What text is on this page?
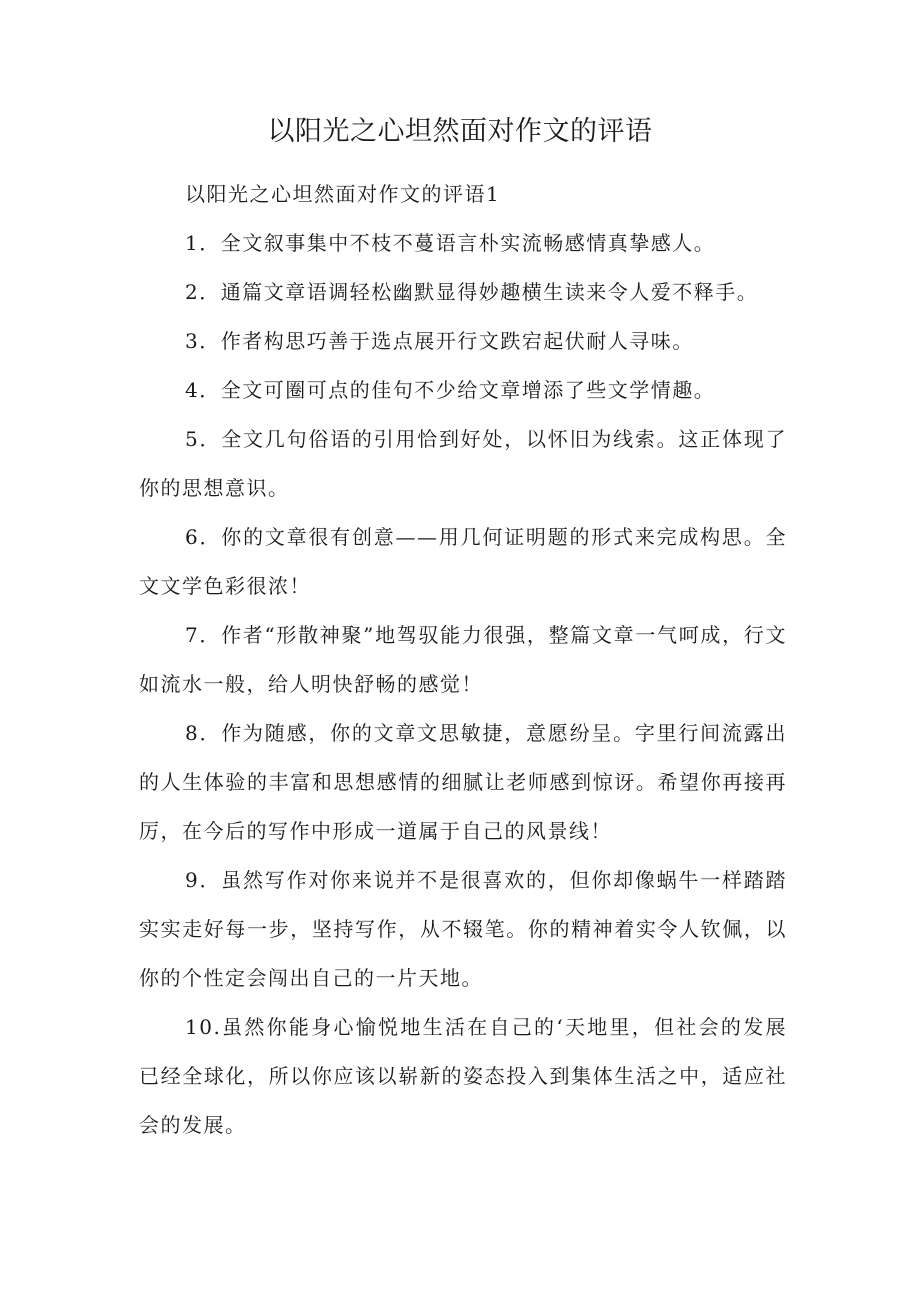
以阳光之心坦然面对作文的评语

以阳光之心坦然面对作文的评语1

1．全文叙事集中不枝不蔓语言朴实流畅感情真挚感人。

2．通篇文章语调轻松幽默显得妙趣横生读来令人爱不释手。

3．作者构思巧善于选点展开行文跌宕起伏耐人寻味。

4．全文可圈可点的佳句不少给文章增添了些文学情趣。

5．全文几句俗语的引用恰到好处，以怀旧为线索。这正体现了你的思想意识。

6．你的文章很有创意——用几何证明题的形式来完成构思。全文文学色彩很浓！

7．作者“形散神聚”地驾驭能力很强，整篇文章一气呵成，行文如流水一般，给人明快舒畅的感觉！

8．作为随感，你的文章文思敏捷，意愿纷呈。字里行间流露出的人生体验的丰富和思想感情的细腻让老师感到惊讶。希望你再接再厉，在今后的写作中形成一道属于自己的风景线！

9．虽然写作对你来说并不是很喜欢的，但你却像蜗牛一样踏踏实实走好每一步，坚持写作，从不辍笔。你的精神着实令人钦佩，以你的个性定会闯出自己的一片天地。

10.虽然你能身心愉悦地生活在自己的‘天地里，但社会的发展已经全球化，所以你应该以崭新的姿态投入到集体生活之中，适应社会的发展。
